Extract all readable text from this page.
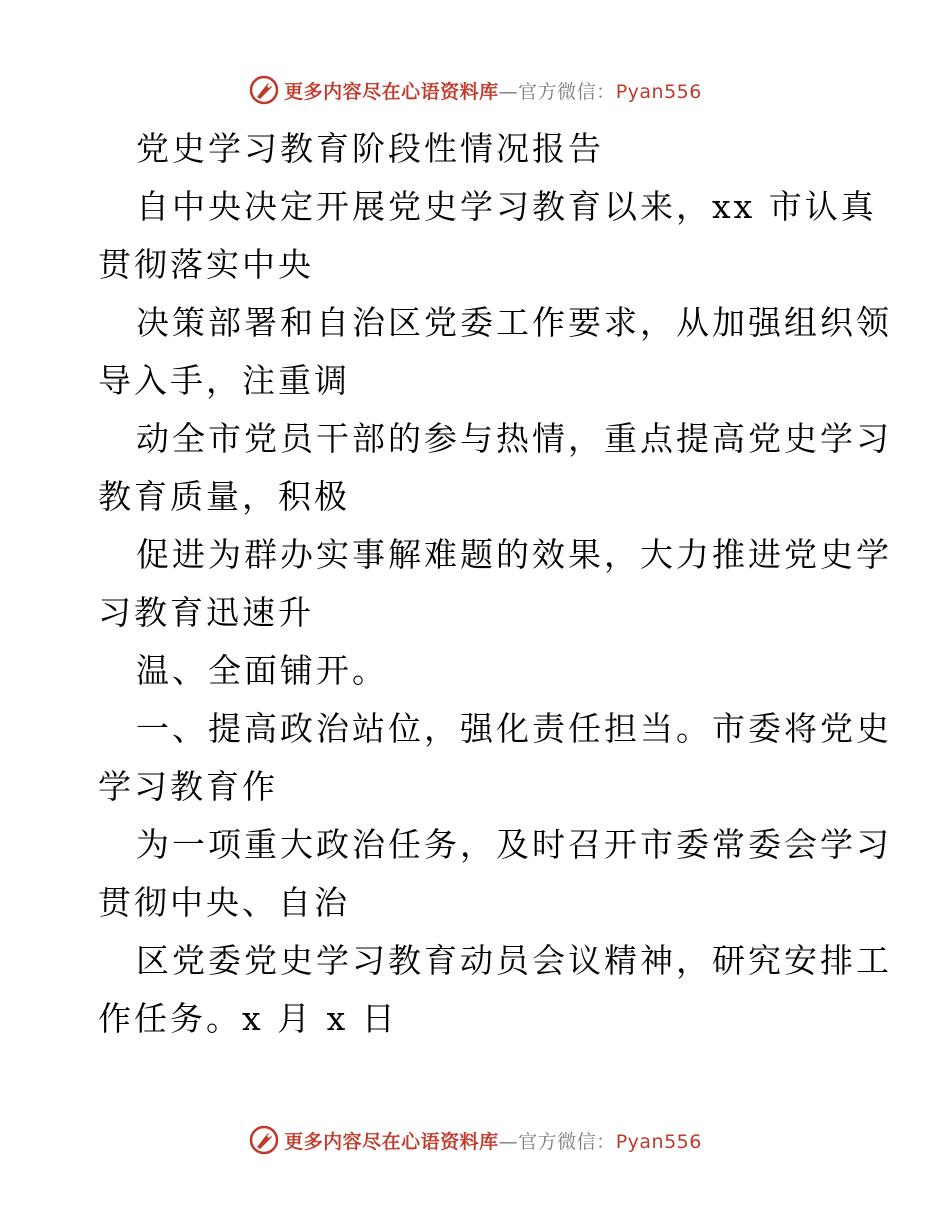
更多内容尽在心语资料库—官方微信：Pyan556
党史学习教育阶段性情况报告
自中央决定开展党史学习教育以来，xx 市认真
贯彻落实中央
决策部署和自治区党委工作要求，从加强组织领
导入手，注重调
动全市党员干部的参与热情，重点提高党史学习
教育质量，积极
促进为群办实事解难题的效果，大力推进党史学
习教育迅速升
温、全面铺开。
一、提高政治站位，强化责任担当。市委将党史
学习教育作
为一项重大政治任务，及时召开市委常委会学习
贯彻中央、自治
区党委党史学习教育动员会议精神，研究安排工
作任务。x 月 x 日
更多内容尽在心语资料库—官方微信：Pyan556
